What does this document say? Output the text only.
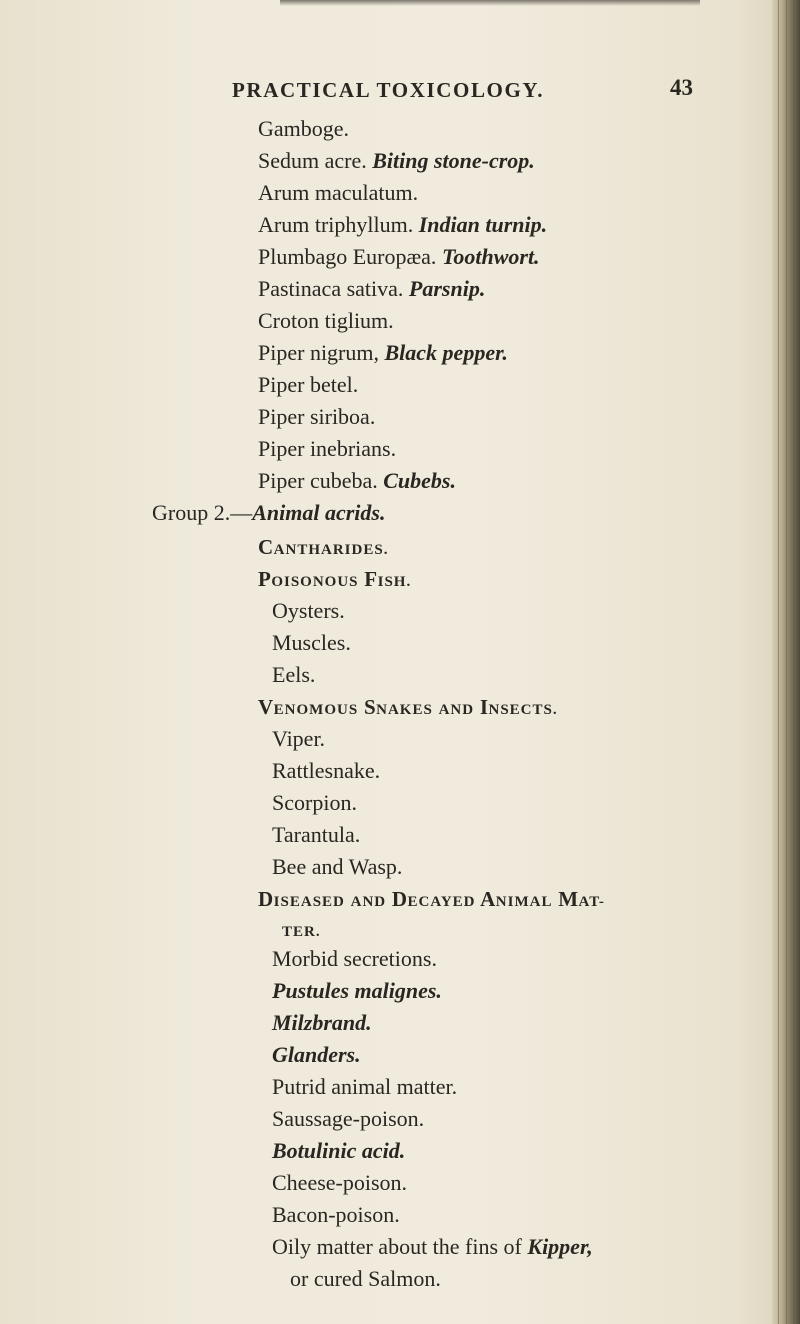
PRACTICAL TOXICOLOGY.	43
Gamboge.
Sedum acre. Biting stone-crop.
Arum maculatum.
Arum triphyllum. Indian turnip.
Plumbago Europæa. Toothwort.
Pastinaca sativa. Parsnip.
Croton tiglium.
Piper nigrum, Black pepper.
Piper betel.
Piper siriboa.
Piper inebrians.
Piper cubeba. Cubebs.
Group 2.—Animal acrids.
CANTHARIDES.
POISONOUS FISH.
Oysters.
Muscles.
Eels.
VENOMOUS SNAKES AND INSECTS.
Viper.
Rattlesnake.
Scorpion.
Tarantula.
Bee and Wasp.
DISEASED AND DECAYED ANIMAL MAT-
TER.
Morbid secretions.
Pustules malignes.
Milzbrand.
Glanders.
Putrid animal matter.
Saussage-poison.
Botulinic acid.
Cheese-poison.
Bacon-poison.
Oily matter about the fins of Kipper,
or cured Salmon.
